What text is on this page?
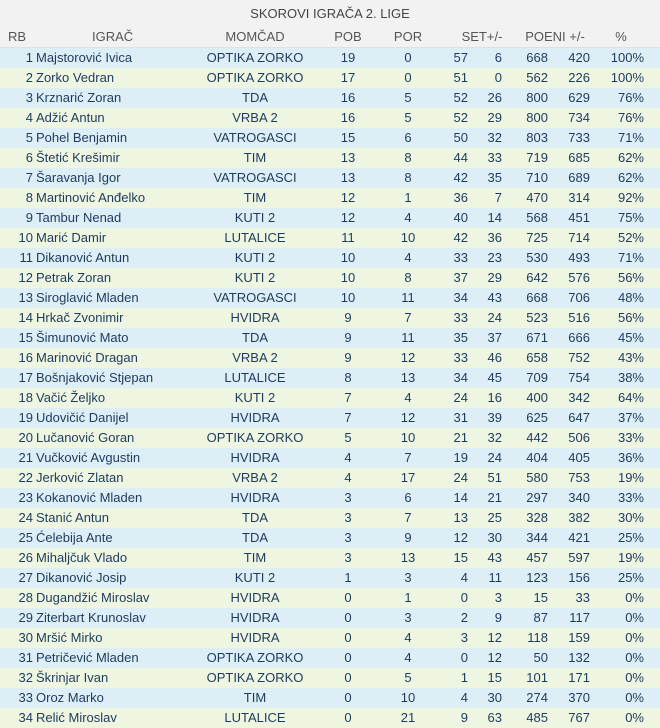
SKOROVI IGRAČA 2. LIGE
RB	IGRAČ	MOMČAD	POB	POR	SET+/-	POENI +/-	%
1 Majstorović Ivica	OPTIKA ZORKO	19	0	57	6	668	420	100%
2 Zorko Vedran	OPTIKA ZORKO	17	0	51	0	562	226	100%
3 Krznarić Zoran	TDA	16	5	52	26	800	629	76%
4 Adžić Antun	VRBA 2	16	5	52	29	800	734	76%
5 Pohel Benjamin	VATROGASCI	15	6	50	32	803	733	71%
6 Štetić Krešimir	TIM	13	8	44	33	719	685	62%
7 Šaravanja Igor	VATROGASCI	13	8	42	35	710	689	62%
8 Martinović Anđelko	TIM	12	1	36	7	470	314	92%
9 Tambur Nenad	KUTI 2	12	4	40	14	568	451	75%
10 Marić Damir	LUTALICE	11	10	42	36	725	714	52%
11 Dikanović Antun	KUTI 2	10	4	33	23	530	493	71%
12 Petrak Zoran	KUTI 2	10	8	37	29	642	576	56%
13 Siroglavić Mladen	VATROGASCI	10	11	34	43	668	706	48%
14 Hrkač Zvonimir	HVIDRA	9	7	33	24	523	516	56%
15 Šimunović Mato	TDA	9	11	35	37	671	666	45%
16 Marinović Dragan	VRBA 2	9	12	33	46	658	752	43%
17 Bošnjaković Stjepan	LUTALICE	8	13	34	45	709	754	38%
18 Vačić Željko	KUTI 2	7	4	24	16	400	342	64%
19 Udovičić Danijel	HVIDRA	7	12	31	39	625	647	37%
20 Lučanović Goran	OPTIKA ZORKO	5	10	21	32	442	506	33%
21 Vučković Avgustin	HVIDRA	4	7	19	24	404	405	36%
22 Jerković Zlatan	VRBA 2	4	17	24	51	580	753	19%
23 Kokanović Mladen	HVIDRA	3	6	14	21	297	340	33%
24 Stanić Antun	TDA	3	7	13	25	328	382	30%
25 Ćelebija Ante	TDA	3	9	12	30	344	421	25%
26 Mihaljčuk Vlado	TIM	3	13	15	43	457	597	19%
27 Dikanović Josip	KUTI 2	1	3	4	11	123	156	25%
28 Dugandžić Miroslav	HVIDRA	0	1	0	3	15	33	0%
29 Ziterbart Krunoslav	HVIDRA	0	3	2	9	87	117	0%
30 Mršić Mirko	HVIDRA	0	4	3	12	118	159	0%
31 Petričević Mladen	OPTIKA ZORKO	0	4	0	12	50	132	0%
32 Škrinjar Ivan	OPTIKA ZORKO	0	5	1	15	101	171	0%
33 Oroz Marko	TIM	0	10	4	30	274	370	0%
34 Relić Miroslav	LUTALICE	0	21	9	63	485	767	0%
